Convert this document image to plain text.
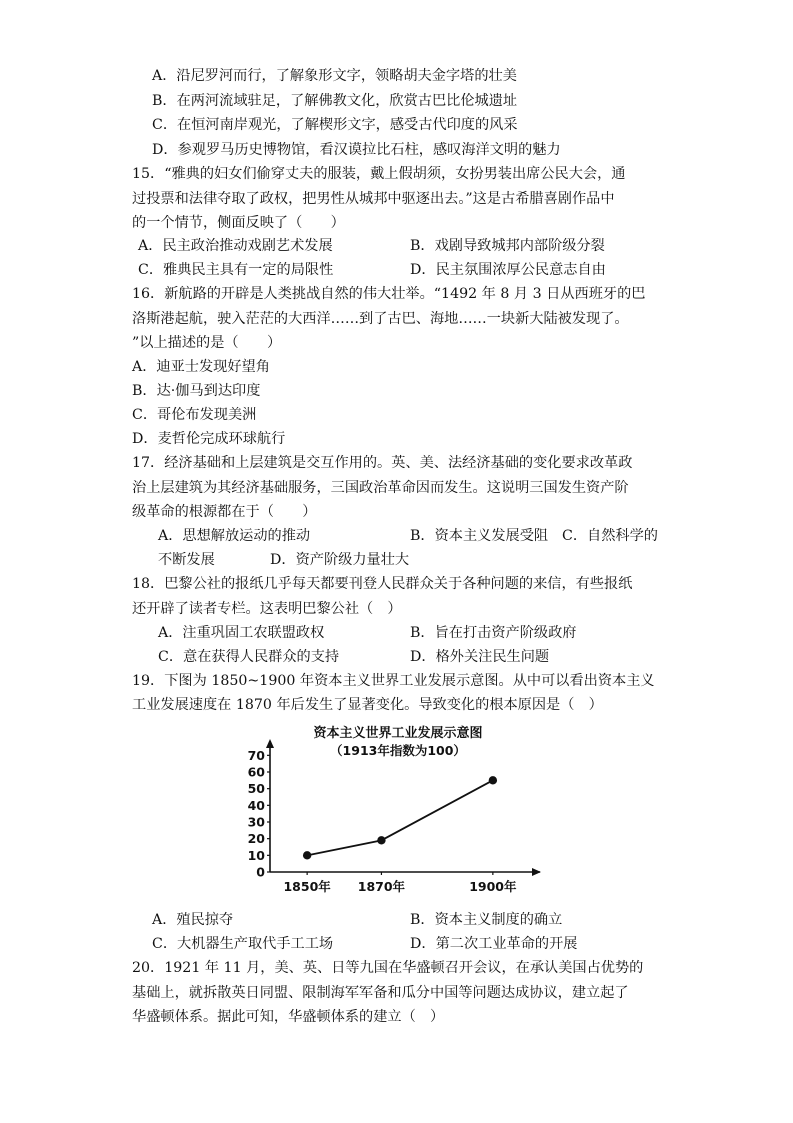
A．沿尼罗河而行，了解象形文字，领略胡夫金字塔的壮美
B．在两河流域驻足，了解佛教文化，欣赏古巴比伦城遗址
C．在恒河南岸观光，了解楔形文字，感受古代印度的风采
D．参观罗马历史博物馆，看汉谟拉比石柱，感叹海洋文明的魅力
15．“雅典的妇女们偷穿丈夫的服装，戴上假胡须，女扮男装出席公民大会，通
过投票和法律夺取了政权，把男性从城邦中驱逐出去。”这是古希腊喜剧作品中
的一个情节，侧面反映了（　　）
A．民主政治推动戏剧艺术发展	B．戏剧导致城邦内部阶级分裂
C．雅典民主具有一定的局限性	D．民主氛围浓厚公民意志自由
16．新航路的开辟是人类挑战自然的伟大壮举。“1492 年 8 月 3 日从西班牙的巴
洛斯港起航，驶入茫茫的大西洋……到了古巴、海地……一块新大陆被发现了。
”以上描述的是（　　）
A．迪亚士发现好望角
B．达·伽马到达印度
C．哥伦布发现美洲
D．麦哲伦完成环球航行
17．经济基础和上层建筑是交互作用的。英、美、法经济基础的变化要求改革政
治上层建筑为其经济基础服务，三国政治革命因而发生。这说明三国发生资产阶
级革命的根源都在于（　　）
A．思想解放运动的推动	B．资本主义发展受阻 C．自然科学的
不断发展	D．资产阶级力量壮大
18．巴黎公社的报纸几乎每天都要刊登人民群众关于各种问题的来信，有些报纸
还开辟了读者专栏。这表明巴黎公社（　）
A．注重巩固工农联盟政权	B．旨在打击资产阶级政府
C．意在获得人民群众的支持	D．格外关注民生问题
19．下图为 1850~1900 年资本主义世界工业发展示意图。从中可以看出资本主义
工业发展速度在 1870 年后发生了显著变化。导致变化的根本原因是（　）
资本主义世界工业发展示意图
（1913年指数为100）
0
10
20
30
40
50
60
70
1850年 1870年	1900年
A．殖民掠夺	B．资本主义制度的确立
C．大机器生产取代手工工场	D．第二次工业革命的开展
20．1921 年 11 月，美、英、日等九国在华盛顿召开会议，在承认美国占优势的
基础上，就拆散英日同盟、限制海军军备和瓜分中国等问题达成协议，建立起了
华盛顿体系。据此可知，华盛顿体系的建立（　）
